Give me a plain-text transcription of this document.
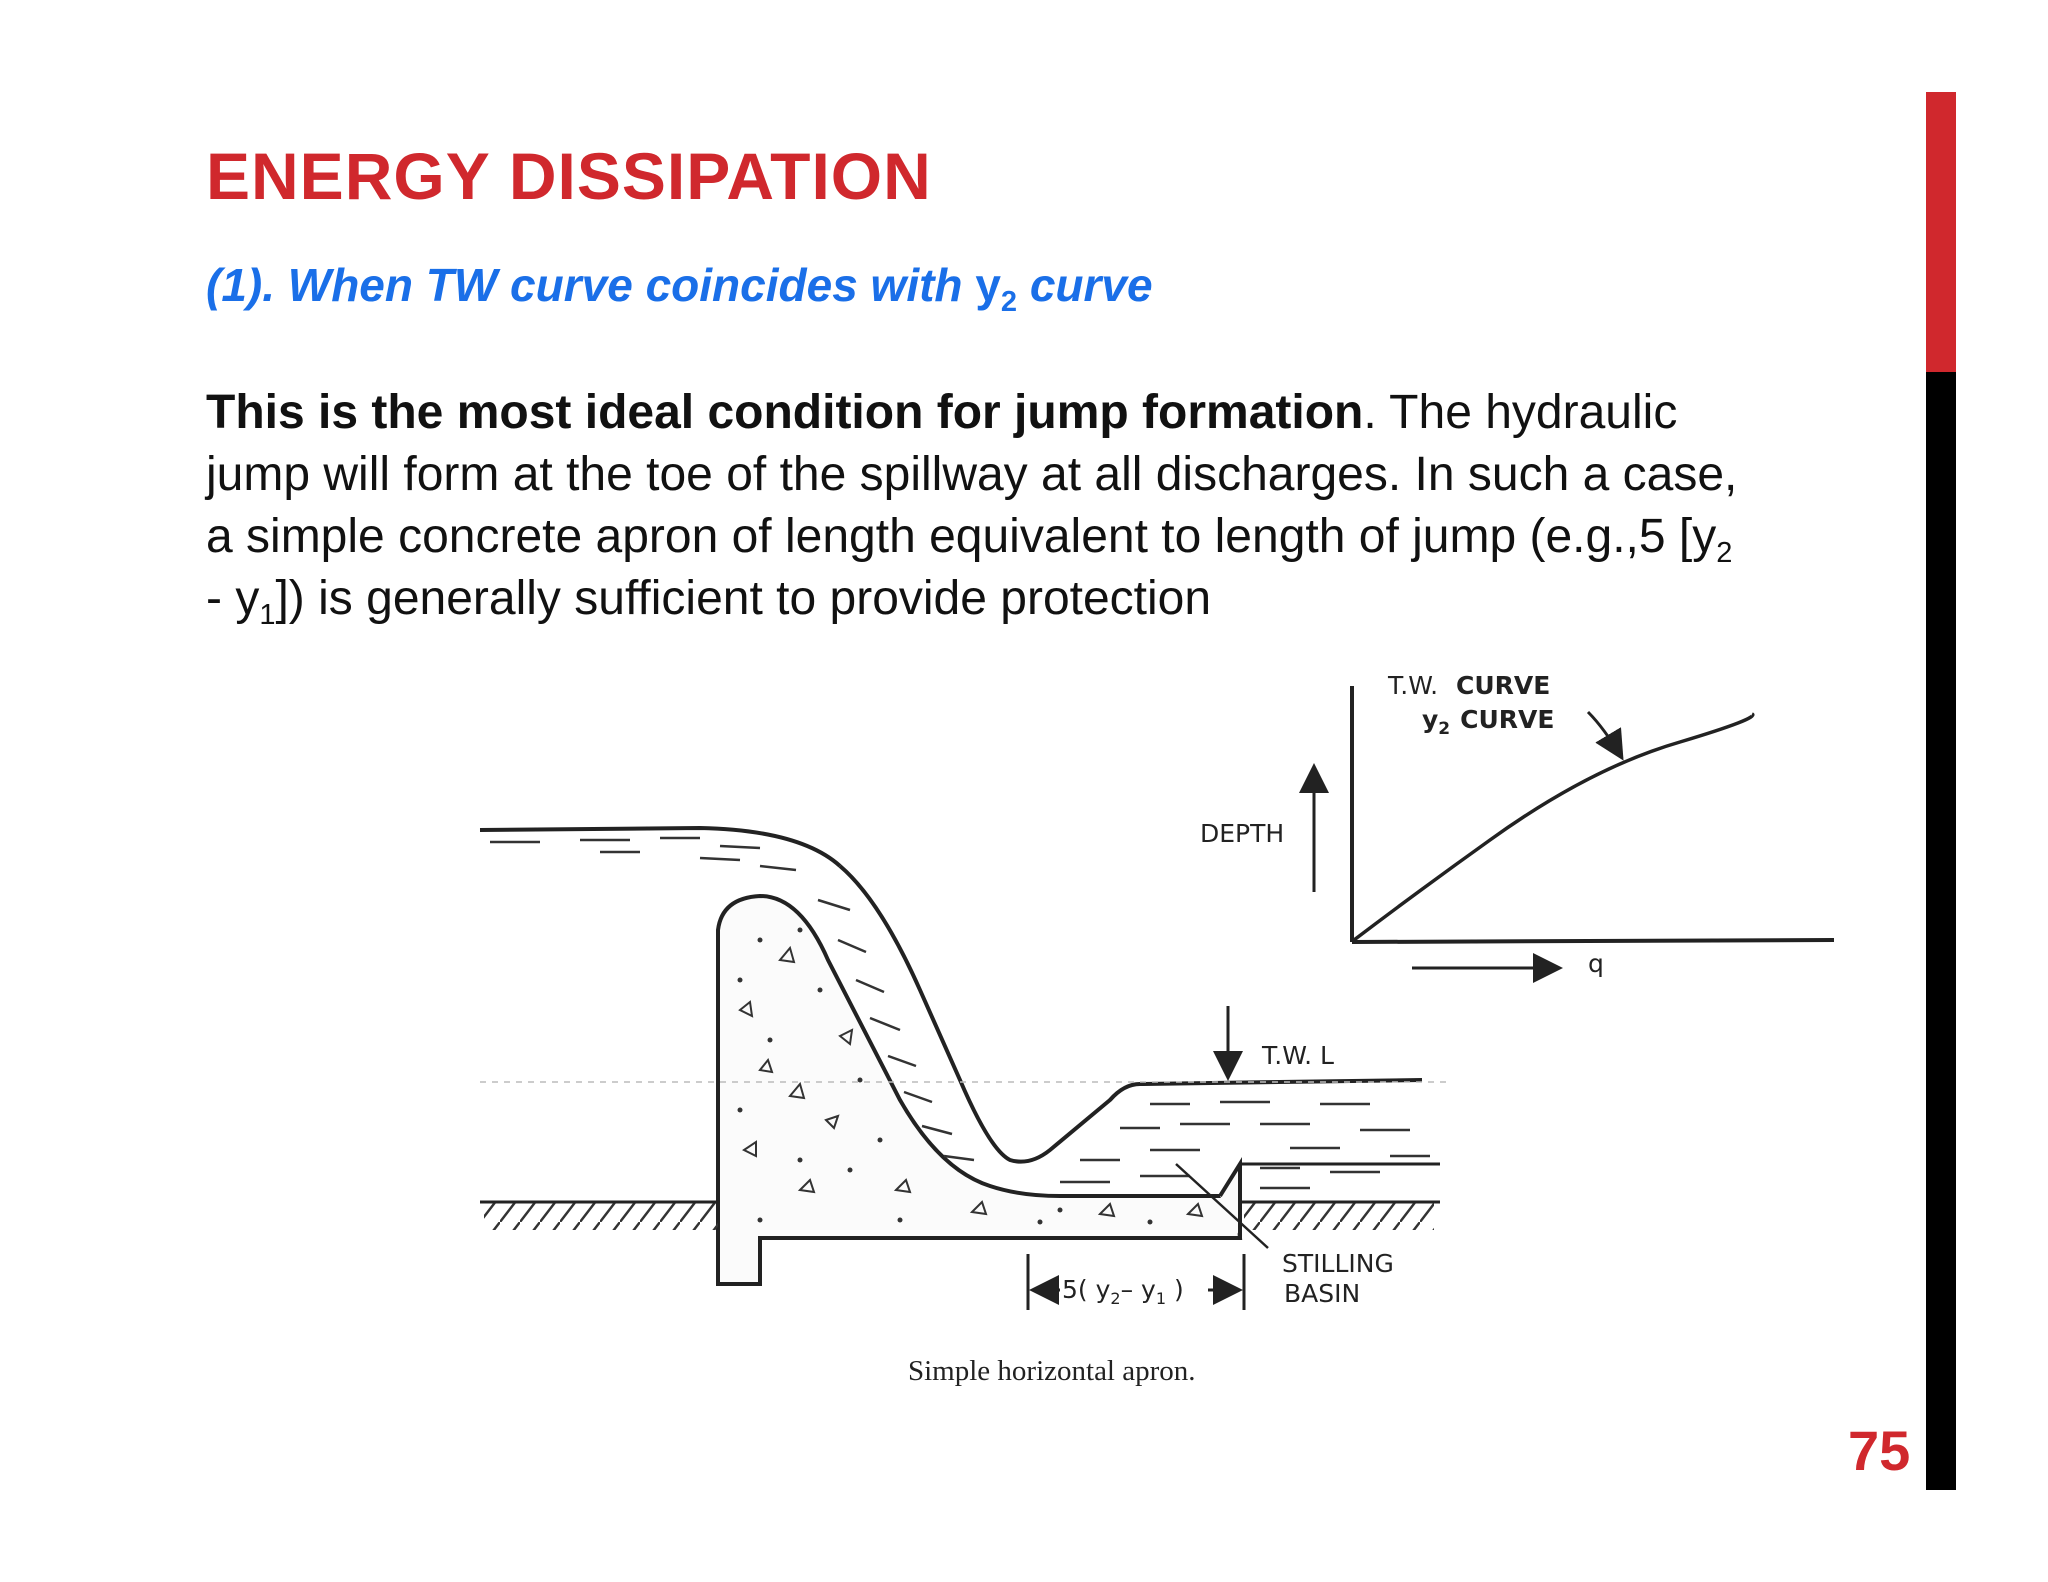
ENERGY DISSIPATION

(1). When TW curve coincides with $y_2$ curve

This is the most ideal condition for jump formation. The hydraulic
jump will form at the toe of the spillway at all discharges. In such a case,
a simple concrete apron of length equivalent to length of jump (e.g.,5 [$y_2$
- $y_1$]) is generally sufficient to provide protection

T.W. CURVE
$y_2$ CURVE
DEPTH
q
T.W. L
STILLING
BASIN
5( $y_2-$ $y_1$ )
Simple horizontal apron.
75
